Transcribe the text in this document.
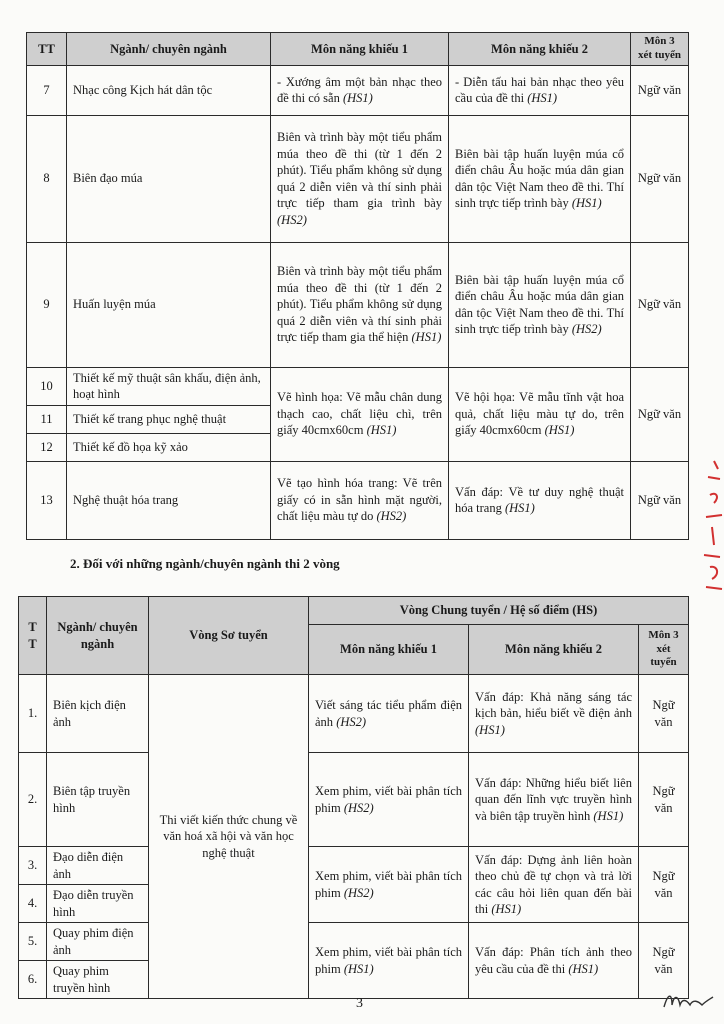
TT	Ngành/ chuyên ngành	Môn năng khiếu 1	Môn năng khiếu 2	Môn 3 xét tuyển
7	Nhạc công Kịch hát dân tộc	- Xướng âm một bản nhạc theo đề thi có sẵn (HS1)	- Diễn tấu hai bản nhạc theo yêu cầu của đề thi (HS1)	Ngữ văn
8	Biên đạo múa	Biên và trình bày một tiểu phẩm múa theo đề thi (từ 1 đến 2 phút). Tiểu phẩm không sử dụng quá 2 diễn viên và thí sinh phải trực tiếp tham gia trình bày (HS2)	Biên bài tập huấn luyện múa cổ điển châu Âu hoặc múa dân gian dân tộc Việt Nam theo đề thi. Thí sinh trực tiếp trình bày (HS1)	Ngữ văn
9	Huấn luyện múa	Biên và trình bày một tiểu phẩm múa theo đề thi (từ 1 đến 2 phút). Tiểu phẩm không sử dụng quá 2 diễn viên và thí sinh phải trực tiếp tham gia thể hiện (HS1)	Biên bài tập huấn luyện múa cổ điển châu Âu hoặc múa dân gian dân tộc Việt Nam theo đề thi. Thí sinh trực tiếp trình bày (HS2)	Ngữ văn
10	Thiết kế mỹ thuật sân khấu, điện ảnh, hoạt hình	Vẽ hình họa: Vẽ mẫu chân dung thạch cao, chất liệu chì, trên giấy 40cmx60cm (HS1)	Vẽ hội họa: Vẽ mẫu tĩnh vật hoa quả, chất liệu màu tự do, trên giấy 40cmx60cm (HS1)	Ngữ văn
11	Thiết kế trang phục nghệ thuật			
12	Thiết kế đồ họa kỹ xảo			
13	Nghệ thuật hóa trang	Vẽ tạo hình hóa trang: Vẽ trên giấy có in sẵn hình mặt người, chất liệu màu tự do (HS2)	Vấn đáp: Về tư duy nghệ thuật hóa trang (HS1)	Ngữ văn
2. Đối với những ngành/chuyên ngành thi 2 vòng
T T	Ngành/ chuyên ngành	Vòng Sơ tuyển	Vòng Chung tuyển / Hệ số điểm (HS)		
			Môn năng khiếu 1	Môn năng khiếu 2	Môn 3 xét tuyển
1.	Biên kịch điện ảnh	Thi viết kiến thức chung về văn hoá xã hội và văn học nghệ thuật	Viết sáng tác tiểu phẩm điện ảnh (HS2)	Vấn đáp: Khả năng sáng tác kịch bản, hiểu biết về điện ảnh (HS1)	Ngữ văn
2.	Biên tập truyền hình		Xem phim, viết bài phân tích phim (HS2)	Vấn đáp: Những hiểu biết liên quan đến lĩnh vực truyền hình và biên tập truyền hình (HS1)	Ngữ văn
3.	Đạo diễn điện ảnh		Xem phim, viết bài phân tích phim (HS2)	Vấn đáp: Dựng ảnh liên hoàn theo chủ đề tự chọn và trả lời các câu hỏi liên quan đến bài thi (HS1)	Ngữ văn
4.	Đạo diễn truyền hình				
5.	Quay phim điện ảnh		Xem phim, viết bài phân tích phim (HS1)	Vấn đáp: Phân tích ảnh theo yêu cầu của đề thi (HS1)	Ngữ văn
6.	Quay phim truyền hình				
3
